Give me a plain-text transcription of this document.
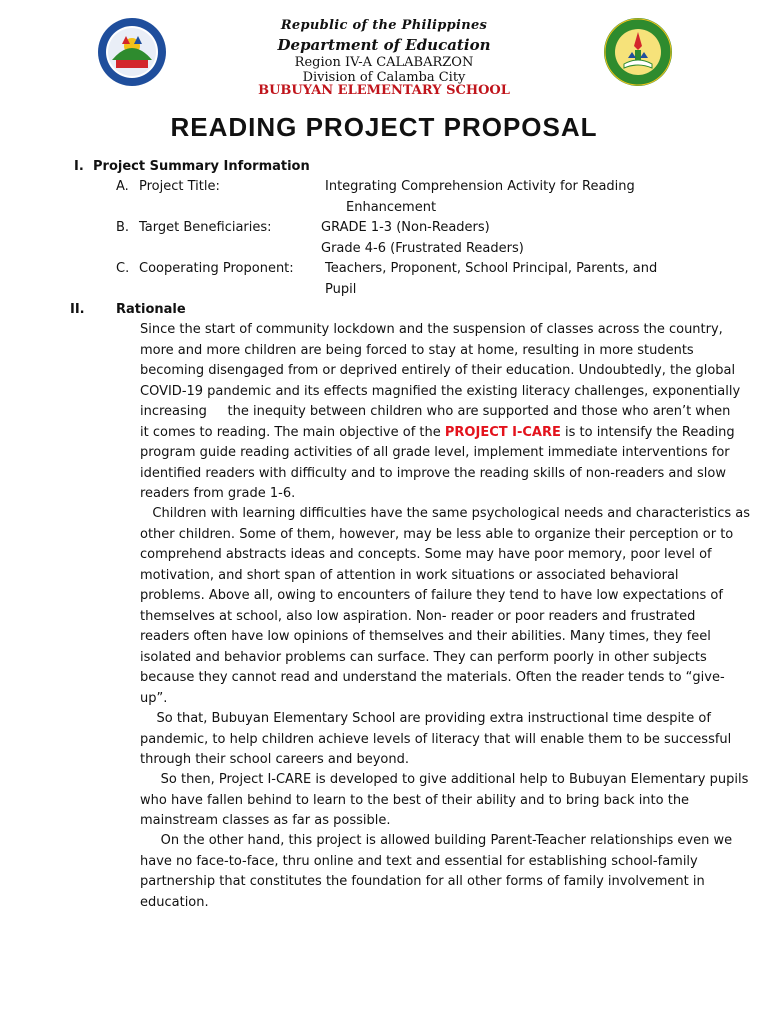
Republic of the Philippines
Department of Education
Region IV-A CALABARZON
Division of Calamba City
BUBUYAN ELEMENTARY SCHOOL
READING PROJECT PROPOSAL
I. Project Summary Information
A. Project Title:	Integrating Comprehension Activity for Reading
Enhancement
B. Target Beneficiaries:	GRADE 1-3 (Non-Readers)
Grade 4-6 (Frustrated Readers)
C. Cooperating Proponent: Teachers, Proponent, School Principal, Parents, and
Pupil
II. Rationale
Since the start of community lockdown and the suspension of classes across the country,
more and more children are being forced to stay at home, resulting in more students
becoming disengaged from or deprived entirely of their education. Undoubtedly, the global
COVID-19 pandemic and its effects magnified the existing literacy challenges, exponentially
increasing     the inequity between children who are supported and those who aren’t when
it comes to reading. The main objective of the PROJECT I-CARE is to intensify the Reading
program guide reading activities of all grade level, implement immediate interventions for
identified readers with difficulty and to improve the reading skills of non-readers and slow
readers from grade 1-6.
Children with learning difficulties have the same psychological needs and characteristics as
other children. Some of them, however, may be less able to organize their perception or to
comprehend abstracts ideas and concepts. Some may have poor memory, poor level of
motivation, and short span of attention in work situations or associated behavioral
problems. Above all, owing to encounters of failure they tend to have low expectations of
themselves at school, also low aspiration. Non- reader or poor readers and frustrated
readers often have low opinions of themselves and their abilities. Many times, they feel
isolated and behavior problems can surface. They can perform poorly in other subjects
because they cannot read and understand the materials. Often the reader tends to “give-
up”.
So that, Bubuyan Elementary School are providing extra instructional time despite of
pandemic, to help children achieve levels of literacy that will enable them to be successful
through their school careers and beyond.
So then, Project I-CARE is developed to give additional help to Bubuyan Elementary pupils
who have fallen behind to learn to the best of their ability and to bring back into the
mainstream classes as far as possible.
On the other hand, this project is allowed building Parent-Teacher relationships even we
have no face-to-face, thru online and text and essential for establishing school-family
partnership that constitutes the foundation for all other forms of family involvement in
education.
